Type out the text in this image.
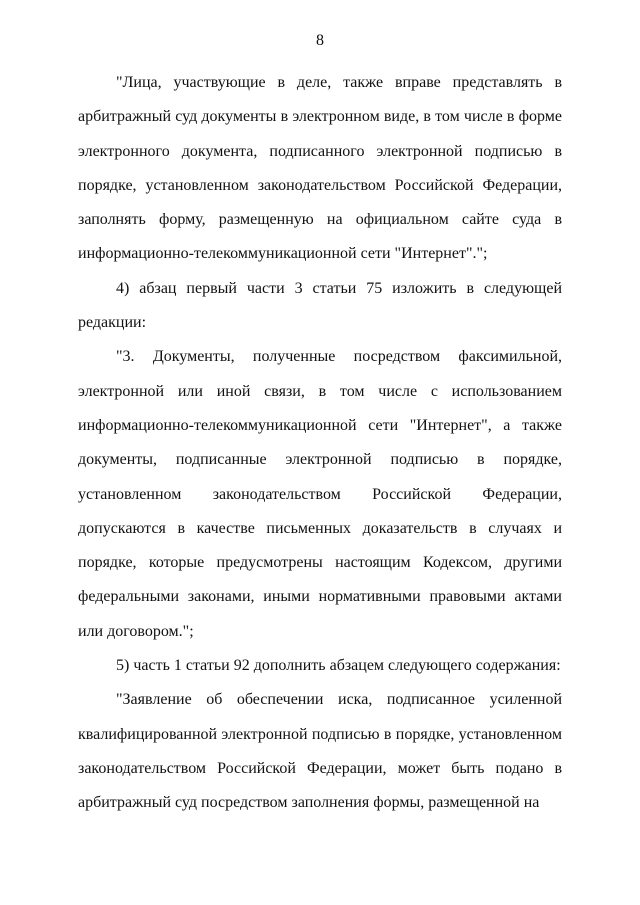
8

"Лица, участвующие в деле, также вправе представлять в арбитражный суд документы в электронном виде, в том числе в форме электронного документа, подписанного электронной подписью в порядке, установленном законодательством Российской Федерации, заполнять форму, размещенную на официальном сайте суда в информационно-телекоммуникационной сети "Интернет".";

4) абзац первый части 3 статьи 75 изложить в следующей редакции:

"3. Документы, полученные посредством факсимильной, электронной или иной связи, в том числе с использованием информационно-телекоммуникационной сети "Интернет", а также документы, подписанные электронной подписью в порядке, установленном законодательством Российской Федерации, допускаются в качестве письменных доказательств в случаях и порядке, которые предусмотрены настоящим Кодексом, другими федеральными законами, иными нормативными правовыми актами или договором.";

5) часть 1 статьи 92 дополнить абзацем следующего содержания:

"Заявление об обеспечении иска, подписанное усиленной квалифицированной электронной подписью в порядке, установленном законодательством Российской Федерации, может быть подано в арбитражный суд посредством заполнения формы, размещенной на
